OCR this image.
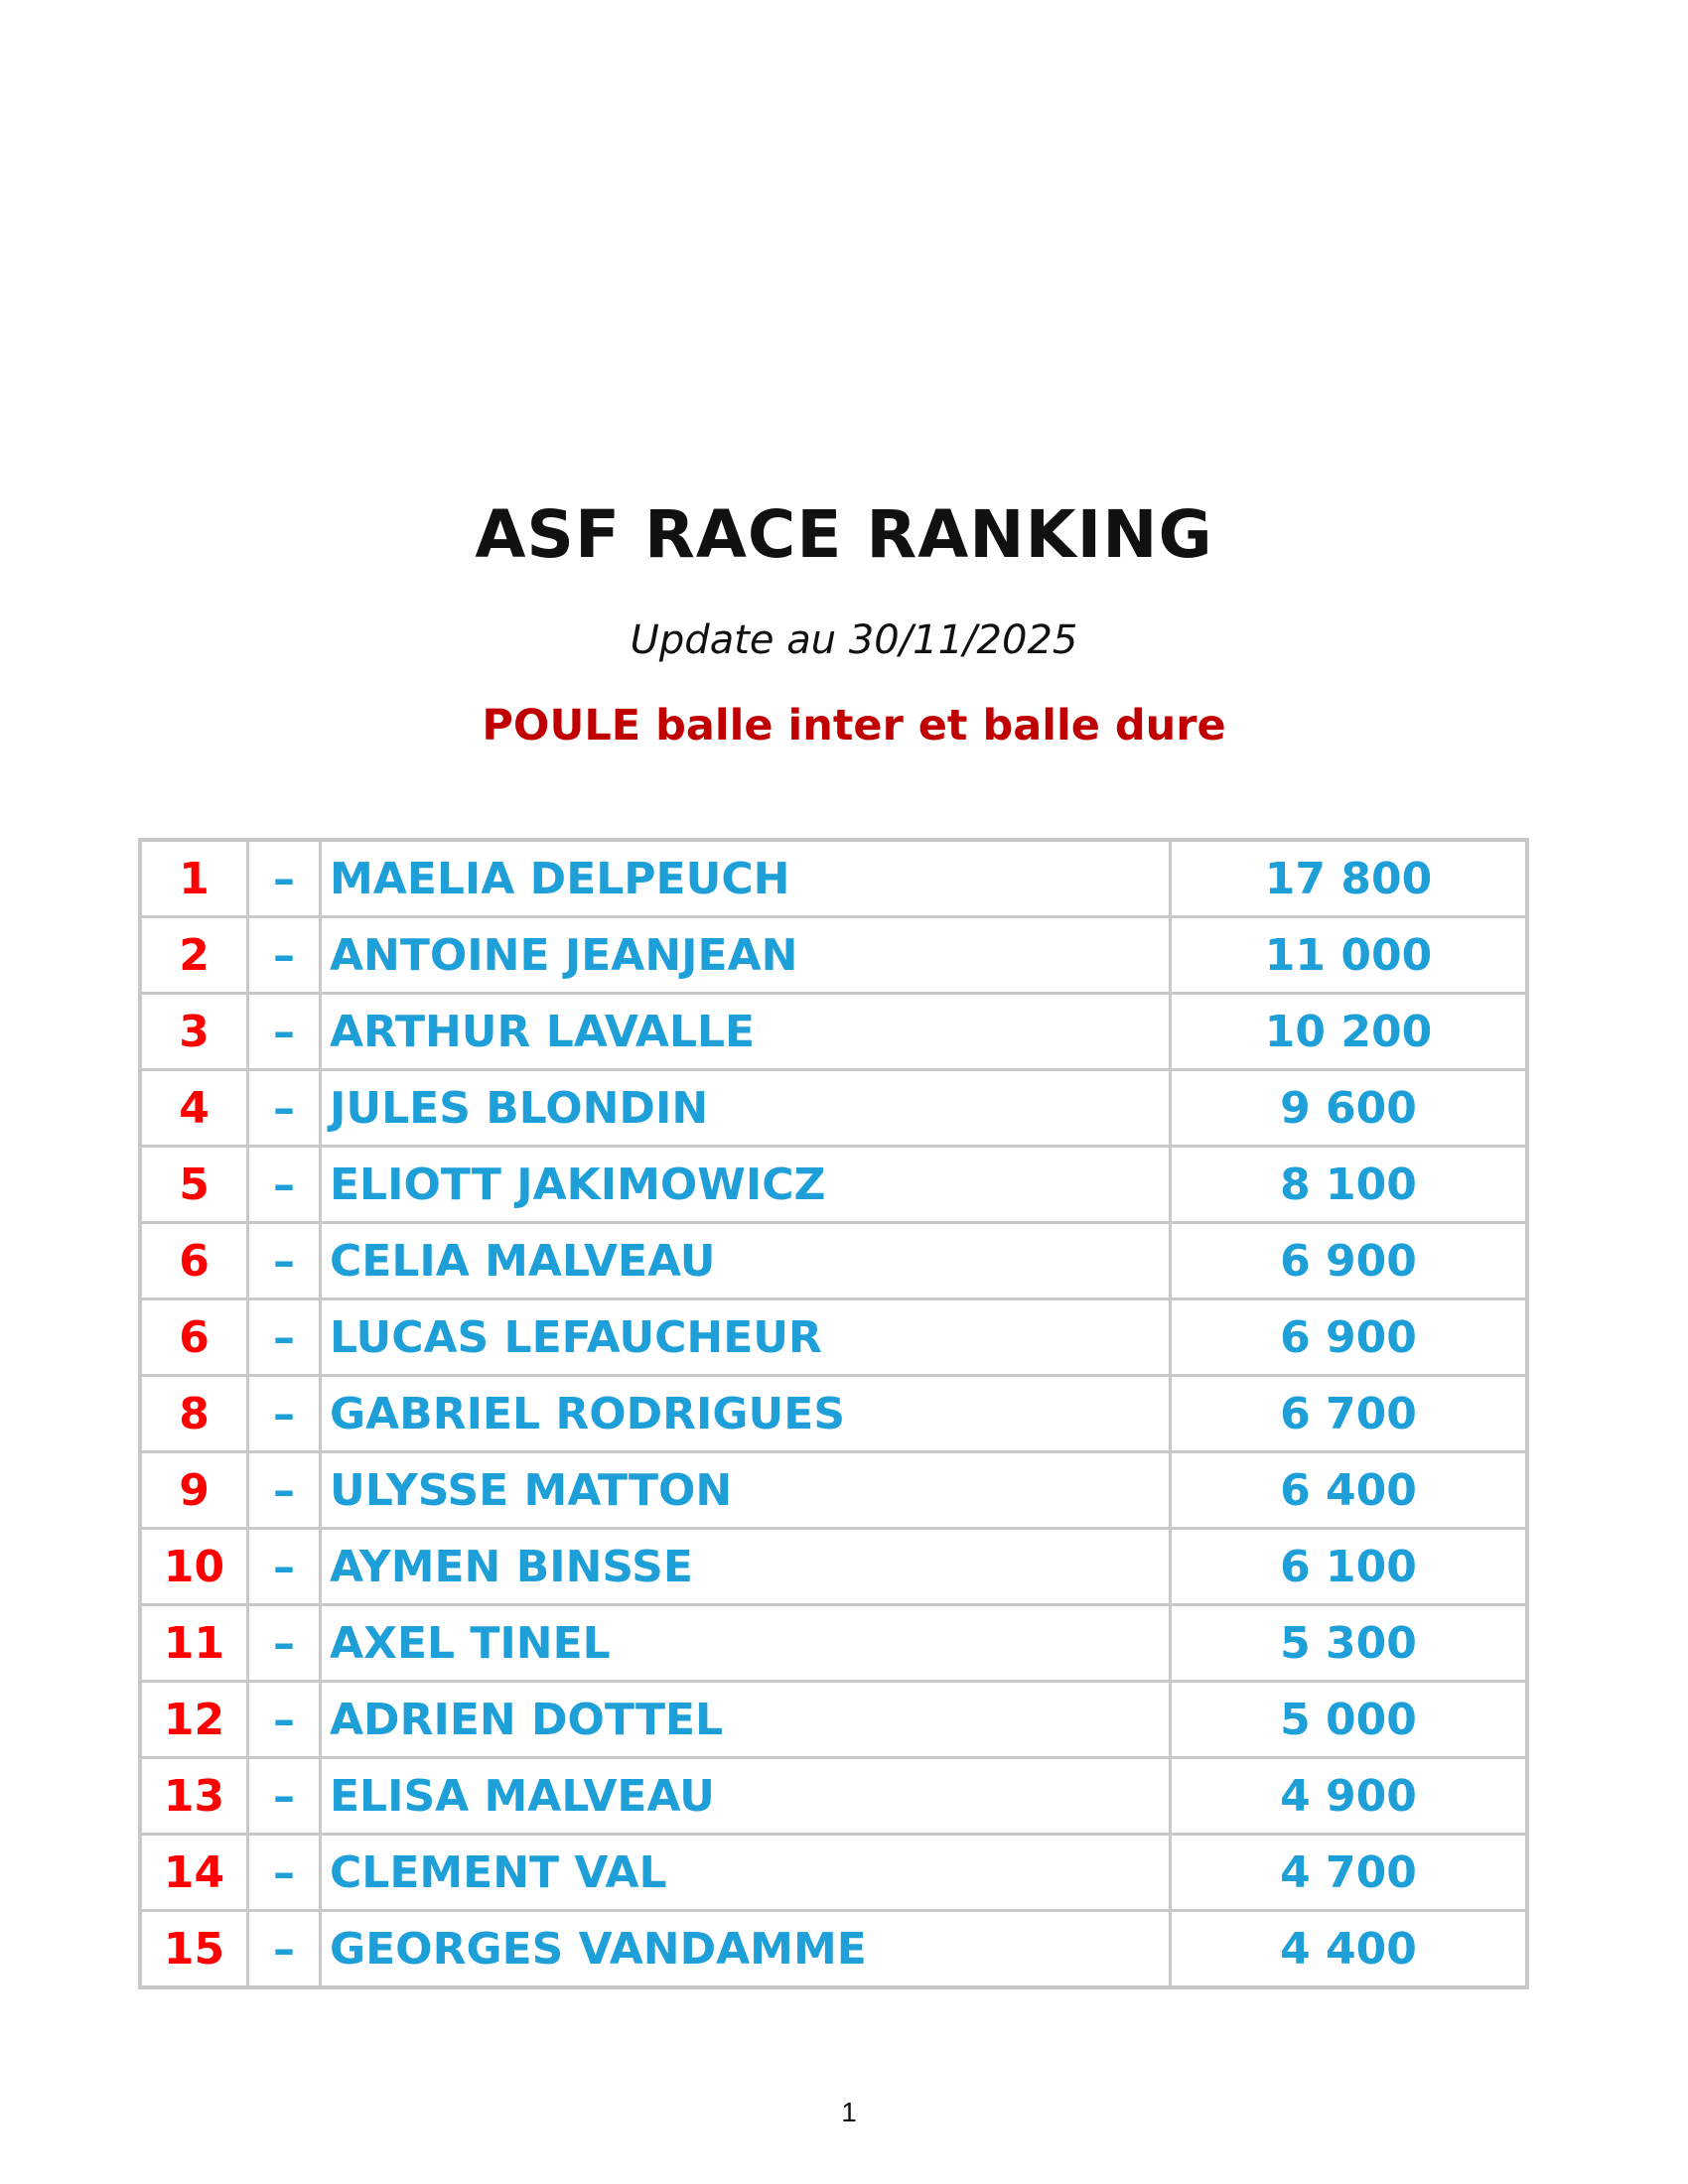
ASF RACE RANKING
Update au 30/11/2025
POULE balle inter et balle dure
1	–	MAELIA DELPEUCH	17 800
2	–	ANTOINE JEANJEAN	11 000
3	–	ARTHUR LAVALLE	10 200
4	–	JULES BLONDIN	9 600
5	–	ELIOTT JAKIMOWICZ	8 100
6	–	CELIA MALVEAU	6 900
6	–	LUCAS LEFAUCHEUR	6 900
8	–	GABRIEL RODRIGUES	6 700
9	–	ULYSSE MATTON	6 400
10	–	AYMEN BINSSE	6 100
11	–	AXEL TINEL	5 300
12	–	ADRIEN DOTTEL	5 000
13	–	ELISA MALVEAU	4 900
14	–	CLEMENT VAL	4 700
15	–	GEORGES VANDAMME	4 400
1
